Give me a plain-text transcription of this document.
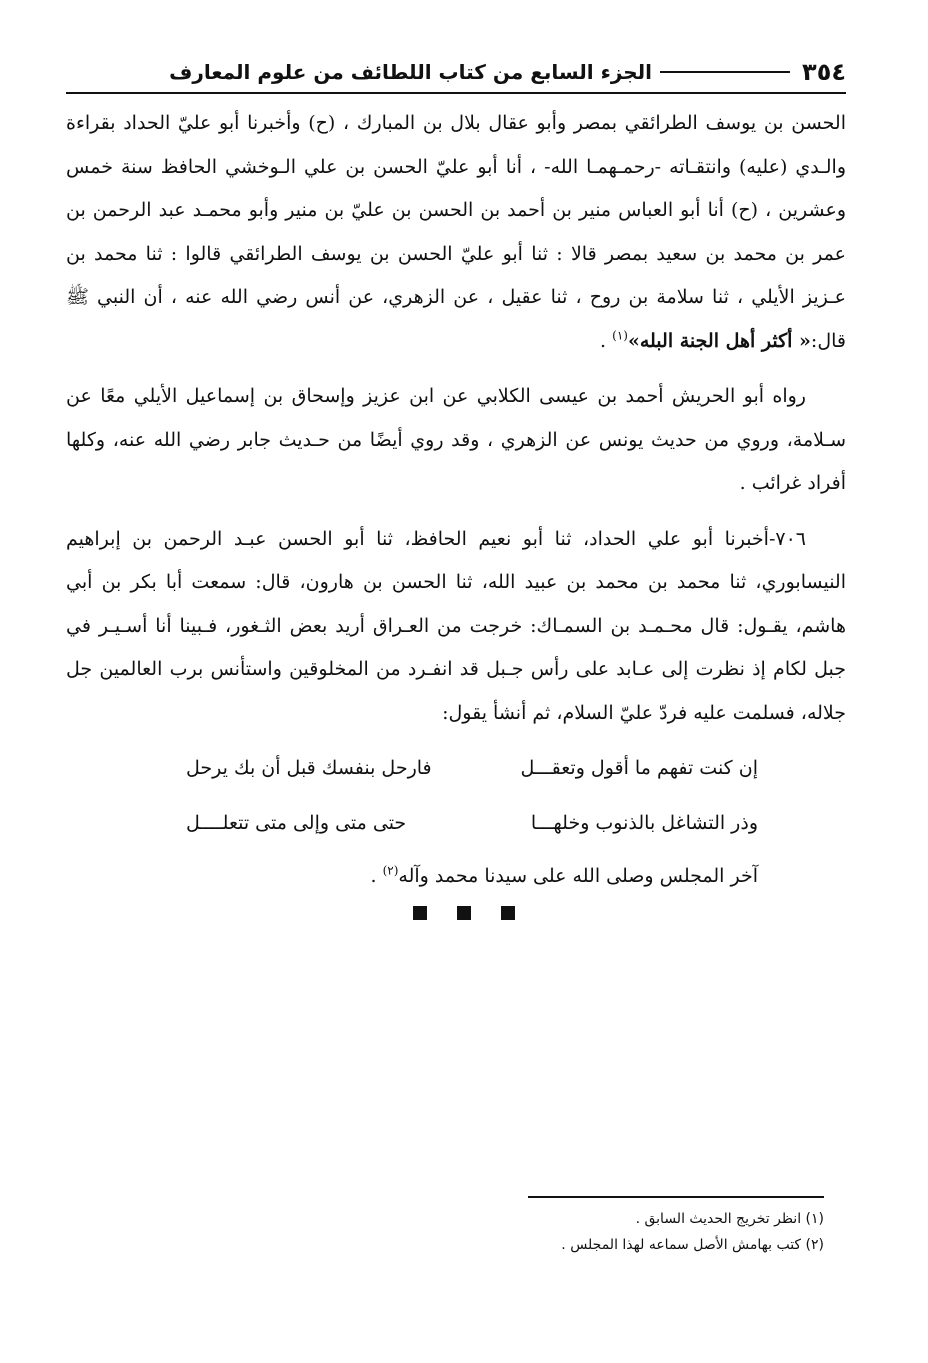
٣٥٤
الجزء السابع من كتاب اللطائف من علوم المعارف

الحسن بن يوسف الطرائقي بمصر وأبو عقال بلال بن المبارك ، (ح) وأخبرنا أبو عليّ الحداد بقراءة والـدي (عليه) وانتقـاته -رحمـهمـا الله- ، أنا أبو عليّ الحسن بن علي الـوخشي الحافظ سنة خمس وعشرين ، (ح) أنا أبو العباس منير بن أحمد بن الحسن بن عليّ بن منير وأبو محمـد عبد الرحمن بن عمر بن محمد بن سعيد بمصر قالا : ثنا أبو عليّ الحسن بن يوسف الطرائقي قالوا : ثنا محمد بن عـزيز الأيلي ، ثنا سلامة بن روح ، ثنا عقيل ، عن الزهري، عن أنس رضي الله عنه ، أن النبي ﷺ قال:« أكثر أهل الجنة البله»$^{(١)}$ .

رواه أبو الحريش أحمد بن عيسى الكلابي عن ابن عزيز وإسحاق بن إسماعيل الأيلي معًا عن سـلامة، وروي من حديث يونس عن الزهري ، وقد روي أيضًا من حـديث جابر رضي الله عنه، وكلها أفراد غرائب .

٧٠٦-أخبرنا أبو علي الحداد، ثنا أبو نعيم الحافظ، ثنا أبو الحسن عبـد الرحمن بن إبراهيم النيسابوري، ثنا محمد بن محمد بن عبيد الله، ثنا الحسن بن هارون، قال: سمعت أبا بكر بن أبي هاشم، يقـول: قال محـمـد بن السمـاك: خرجت من العـراق أريد بعض الثـغور، فـبينا أنا أسـيـر في جبل لكام إذ نظرت إلى عـابد على رأس جـبل قد انفـرد من المخلوقين واستأنس برب العالمين جل جلاله، فسلمت عليه فردّ عليّ السلام، ثم أنشأ يقول:

إن كنت تفهم ما أقول وتعقـــل
فارحل بنفسك قبل أن بك يرحل
وذر التشاغل بالذنوب وخلهـــا
حتى متى وإلى متى تتعلــــل

آخر المجلس وصلى الله على سيدنا محمد وآله$^{(٢)}$ .

(١) انظر تخريج الحديث السابق .

(٢) كتب بهامش الأصل سماعه لهذا المجلس .
